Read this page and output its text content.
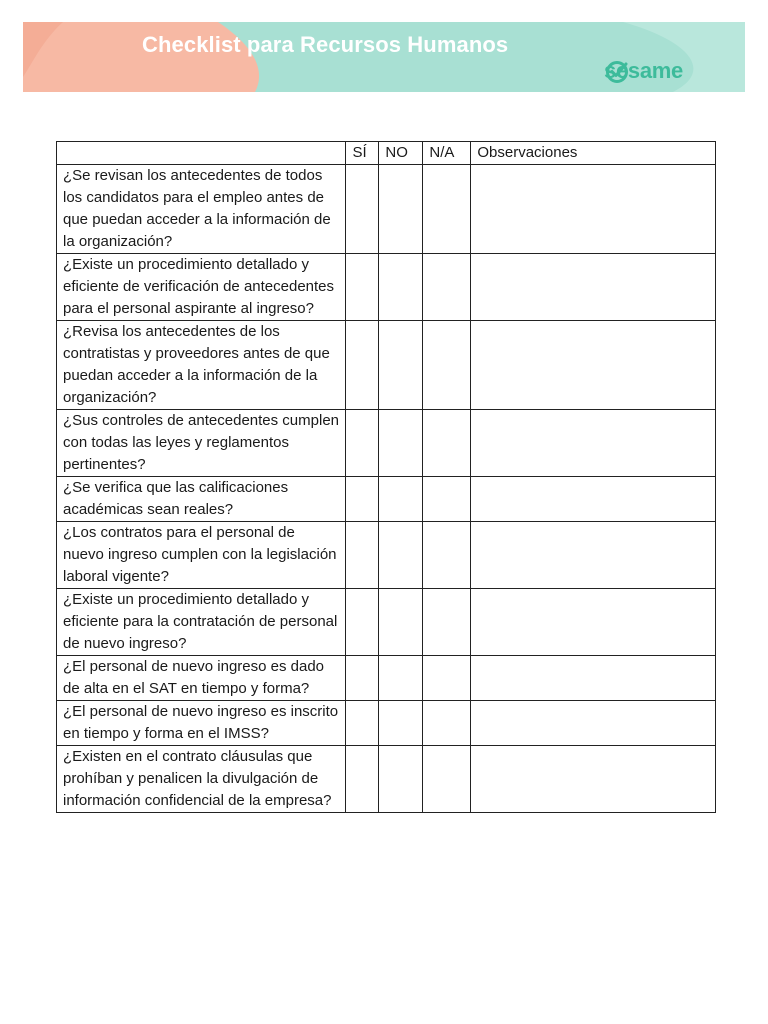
Checklist para Recursos Humanos
sesame
	SÍ	NO	N/A	Observaciones
¿Se revisan los antecedentes de todos los candidatos para el empleo antes de que puedan acceder a la información de la organización?				
¿Existe un procedimiento detallado y eficiente de verificación de antecedentes para el personal aspirante al ingreso?				
¿Revisa los antecedentes de los contratistas y proveedores antes de que puedan acceder a la información de la organización?				
¿Sus controles de antecedentes cumplen con todas las leyes y reglamentos pertinentes?				
¿Se verifica que las calificaciones académicas sean reales?				
¿Los contratos para el personal de nuevo ingreso cumplen con la legislación laboral vigente?				
¿Existe un procedimiento detallado y eficiente para la contratación de personal de nuevo ingreso?				
¿El personal de nuevo ingreso es dado de alta en el SAT en tiempo y forma?				
¿El personal de nuevo ingreso es inscrito en tiempo y forma en el IMSS?				
¿Existen en el contrato cláusulas que prohíban y penalicen la divulgación de información confidencial de la empresa?				
